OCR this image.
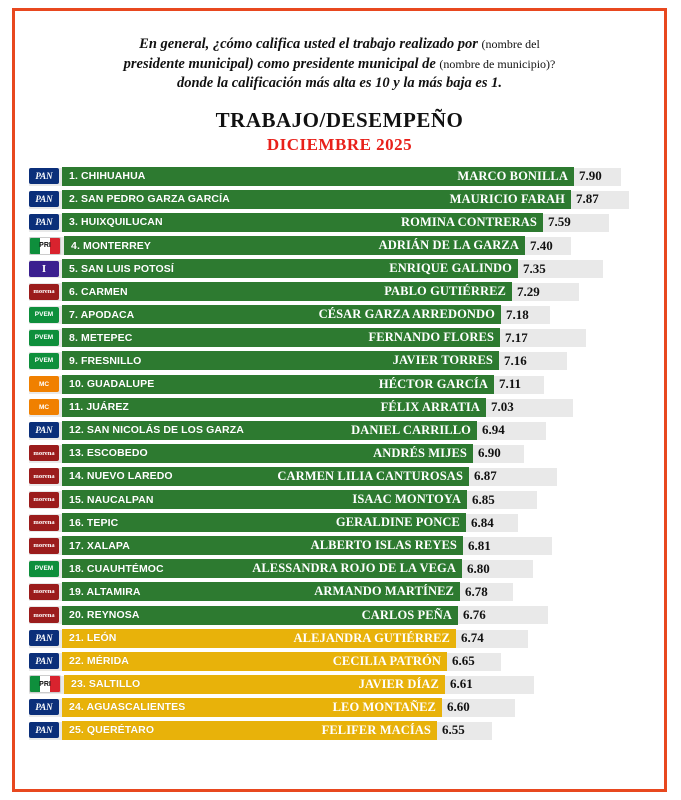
En general, ¿cómo califica usted el trabajo realizado por (nombre del
presidente municipal) como presidente municipal de (nombre de municipio)?
donde la calificación más alta es 10 y la más baja es 1.
TRABAJO/DESEMPEÑO
DICIEMBRE 2025
PAN	1. CHIHUAHUA	MARCO BONILLA 7.90
PAN	2. SAN PEDRO GARZA GARCÍA	MAURICIO FARAH 7.87
PAN	3. HUIXQUILUCAN	ROMINA CONTRERAS 7.59
PRI	4. MONTERREY	ADRIÁN DE LA GARZA 7.40
I	5. SAN LUIS POTOSÍ	ENRIQUE GALINDO 7.35
morena	6. CARMEN	PABLO GUTIÉRREZ 7.29
PVEM	7. APODACA	CÉSAR GARZA ARREDONDO 7.18
PVEM	8. METEPEC	FERNANDO FLORES 7.17
PVEM	9. FRESNILLO	JAVIER TORRES 7.16
MC	10. GUADALUPE	HÉCTOR GARCÍA 7.11
MC	11. JUÁREZ	FÉLIX ARRATIA 7.03
PAN	12. SAN NICOLÁS DE LOS GARZA	DANIEL CARRILLO 6.94
morena	13. ESCOBEDO	ANDRÉS MIJES 6.90
morena	14. NUEVO LAREDO	CARMEN LILIA CANTUROSAS 6.87
morena	15. NAUCALPAN	ISAAC MONTOYA 6.85
morena	16. TEPIC	GERALDINE PONCE 6.84
morena	17. XALAPA	ALBERTO ISLAS REYES 6.81
PVEM	18. CUAUHTÉMOC	ALESSANDRA ROJO DE LA VEGA 6.80
morena	19. ALTAMIRA	ARMANDO MARTÍNEZ 6.78
morena	20. REYNOSA	CARLOS PEÑA 6.76
PAN	21. LEÓN	ALEJANDRA GUTIÉRREZ 6.74
PAN	22. MÉRIDA	CECILIA PATRÓN 6.65
PRI	23. SALTILLO	JAVIER DÍAZ 6.61
PAN	24. AGUASCALIENTES	LEO MONTAÑEZ 6.60
PAN	25. QUERÉTARO	FELIFER MACÍAS 6.55
